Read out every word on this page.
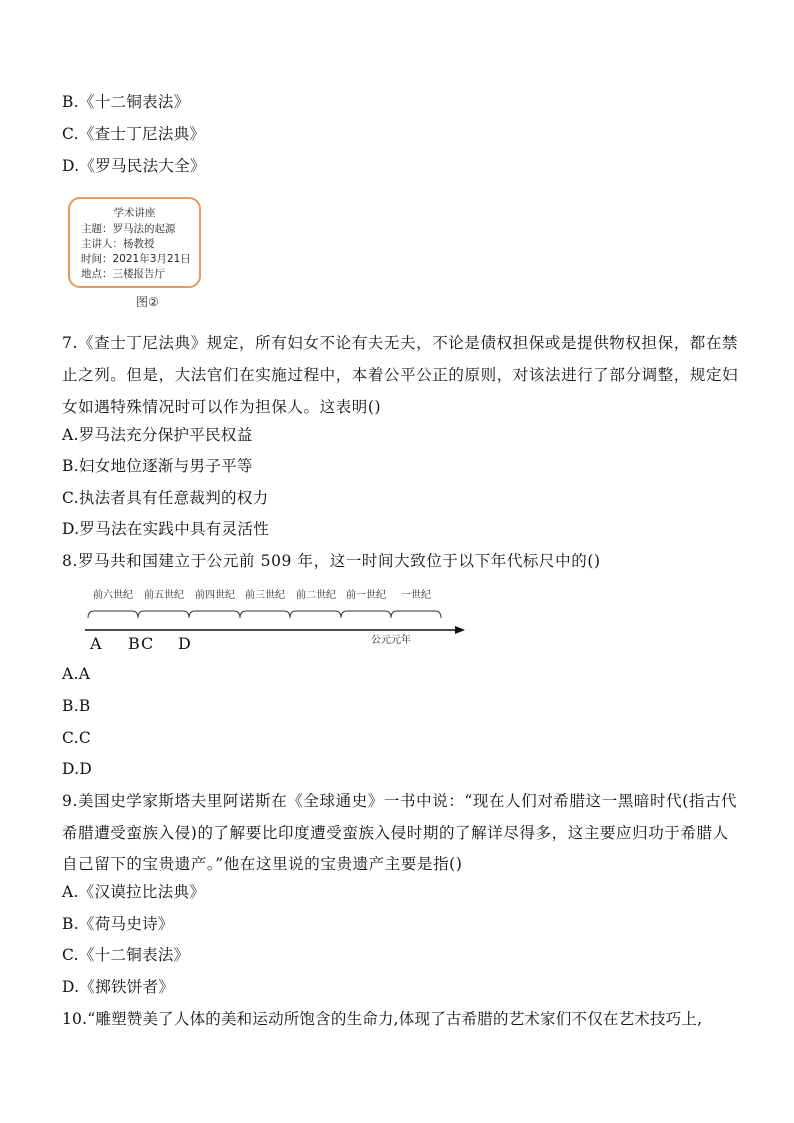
B.《十二铜表法》
C.《查士丁尼法典》
D.《罗马民法大全》
学术讲座
主题：罗马法的起源
主讲人：杨教授
时间：2021年3月21日
地点：三楼报告厅
图②
7.《查士丁尼法典》规定，所有妇女不论有夫无夫，不论是债权担保或是提供物权担保，都在禁
止之列。但是，大法官们在实施过程中，本着公平公正的原则，对该法进行了部分调整，规定妇
女如遇特殊情况时可以作为担保人。这表明()
A.罗马法充分保护平民权益
B.妇女地位逐渐与男子平等
C.执法者具有任意裁判的权力
D.罗马法在实践中具有灵活性
8.罗马共和国建立于公元前 509 年，这一时间大致位于以下年代标尺中的()
前六世纪 前五世纪 前四世纪 前三世纪 前二世纪 前一世纪 一世纪
A B C D	公元元年
A.A
B.B
C.C
D.D
9.美国史学家斯塔夫里阿诺斯在《全球通史》一书中说：“现在人们对希腊这一黑暗时代(指古代
希腊遭受蛮族入侵)的了解要比印度遭受蛮族入侵时期的了解详尽得多，这主要应归功于希腊人
自己留下的宝贵遗产。”他在这里说的宝贵遗产主要是指()
A.《汉谟拉比法典》
B.《荷马史诗》
C.《十二铜表法》
D.《掷铁饼者》
10.“雕塑赞美了人体的美和运动所饱含的生命力,体现了古希腊的艺术家们不仅在艺术技巧上,
